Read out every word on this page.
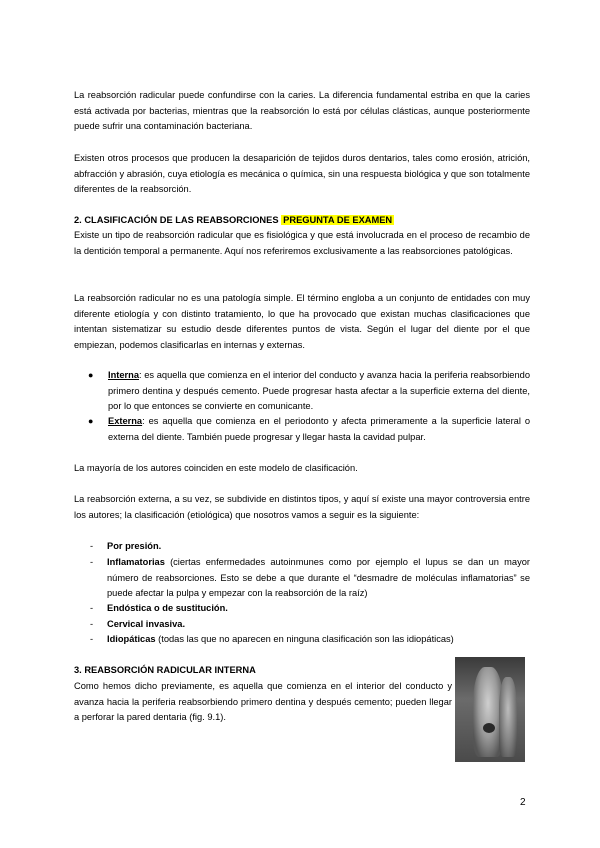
La reabsorción radicular puede confundirse con la caries. La diferencia fundamental estriba en que la caries está activada por bacterias, mientras que la reabsorción lo está por células clásticas, aunque posteriormente puede sufrir una contaminación bacteriana.

Existen otros procesos que producen la desaparición de tejidos duros dentarios, tales como erosión, atrición, abfracción y abrasión, cuya etiología es mecánica o química, sin una respuesta biológica y que son totalmente diferentes de la reabsorción.

2. CLASIFICACIÓN DE LAS REABSORCIONES PREGUNTA DE EXAMEN

Existe un tipo de reabsorción radicular que es fisiológica y que está involucrada en el proceso de recambio de la dentición temporal a permanente. Aquí nos referiremos exclusivamente a las reabsorciones patológicas.

La reabsorción radicular no es una patología simple. El término engloba a un conjunto de entidades con muy diferente etiología y con distinto tratamiento, lo que ha provocado que existan muchas clasificaciones que intentan sistematizar su estudio desde diferentes puntos de vista. Según el lugar del diente por el que empiezan, podemos clasificarlas en internas y externas.

● Interna: es aquella que comienza en el interior del conducto y avanza hacia la periferia reabsorbiendo primero dentina y después cemento. Puede progresar hasta afectar a la superficie externa del diente, por lo que entonces se convierte en comunicante.
● Externa: es aquella que comienza en el periodonto y afecta primeramente a la superficie lateral o externa del diente. También puede progresar y llegar hasta la cavidad pulpar.

La mayoría de los autores coinciden en este modelo de clasificación.

La reabsorción externa, a su vez, se subdivide en distintos tipos, y aquí sí existe una mayor controversia entre los autores; la clasificación (etiológica) que nosotros vamos a seguir es la siguiente:

- Por presión.
- Inflamatorias (ciertas enfermedades autoinmunes como por ejemplo el lupus se dan un mayor número de reabsorciones. Esto se debe a que durante el “desmadre de moléculas inflamatorias” se puede afectar la pulpa y empezar con la reabsorción de la raíz)
- Endóstica o de sustitución.
- Cervical invasiva.
- Idiopáticas (todas las que no aparecen en ninguna clasificación son las idiopáticas)
3. REABSORCIÓN RADICULAR INTERNA

Como hemos dicho previamente, es aquella que comienza en el interior del conducto y avanza hacia la periferia reabsorbiendo primero dentina y después cemento; pueden llegar a perforar la pared dentaria (fig. 9.1).

2
